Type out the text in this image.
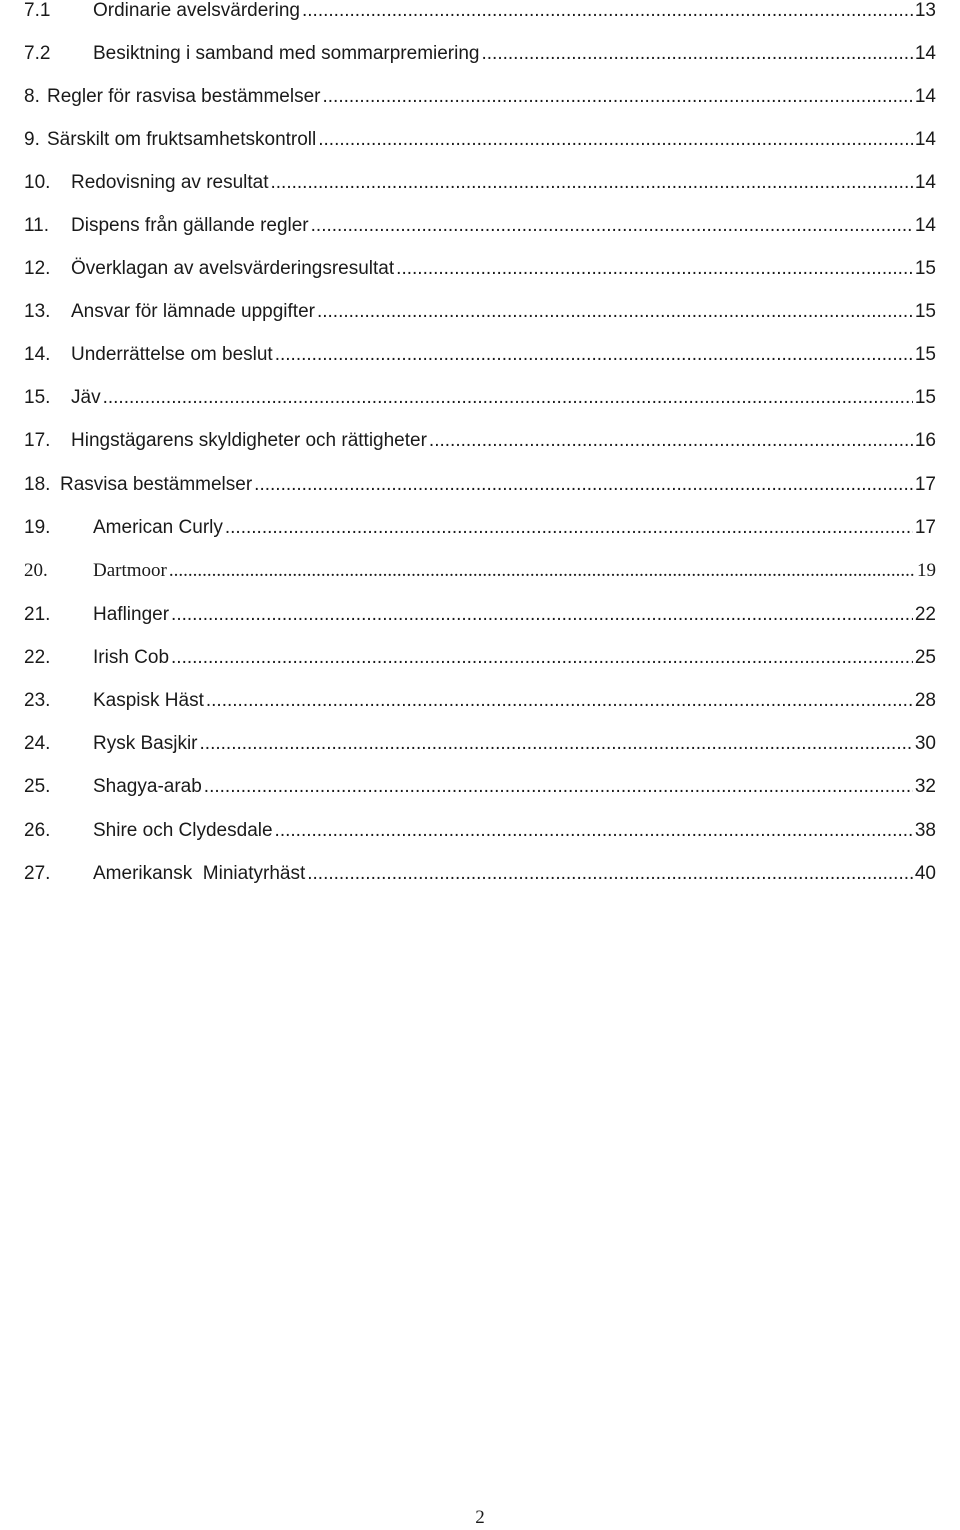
7.1 Ordinarie avelsvärdering .....	13
7.2 Besiktning i samband med sommarpremiering .....	14
8. Regler för rasvisa bestämmelser .....	14
9. Särskilt om fruktsamhetskontroll .....	14
10. Redovisning av resultat .....	14
11. Dispens från gällande regler .....	14
12. Överklagan av avelsvärderingsresultat .....	15
13. Ansvar för lämnade uppgifter .....	15
14. Underrättelse om beslut .....	15
15. Jäv .....	15
17. Hingstägarens skyldigheter och rättigheter .....	16
18. Rasvisa bestämmelser .....	17
19. American Curly .....	17
20. Dartmoor .....	19
21. Haflinger .....	22
22. Irish Cob .....	25
23. Kaspisk Häst .....	28
24. Rysk Basjkir .....	30
25. Shagya-arab .....	32
26. Shire och Clydesdale .....	38
27. Amerikansk  Miniatyrhäst .....	40
2
